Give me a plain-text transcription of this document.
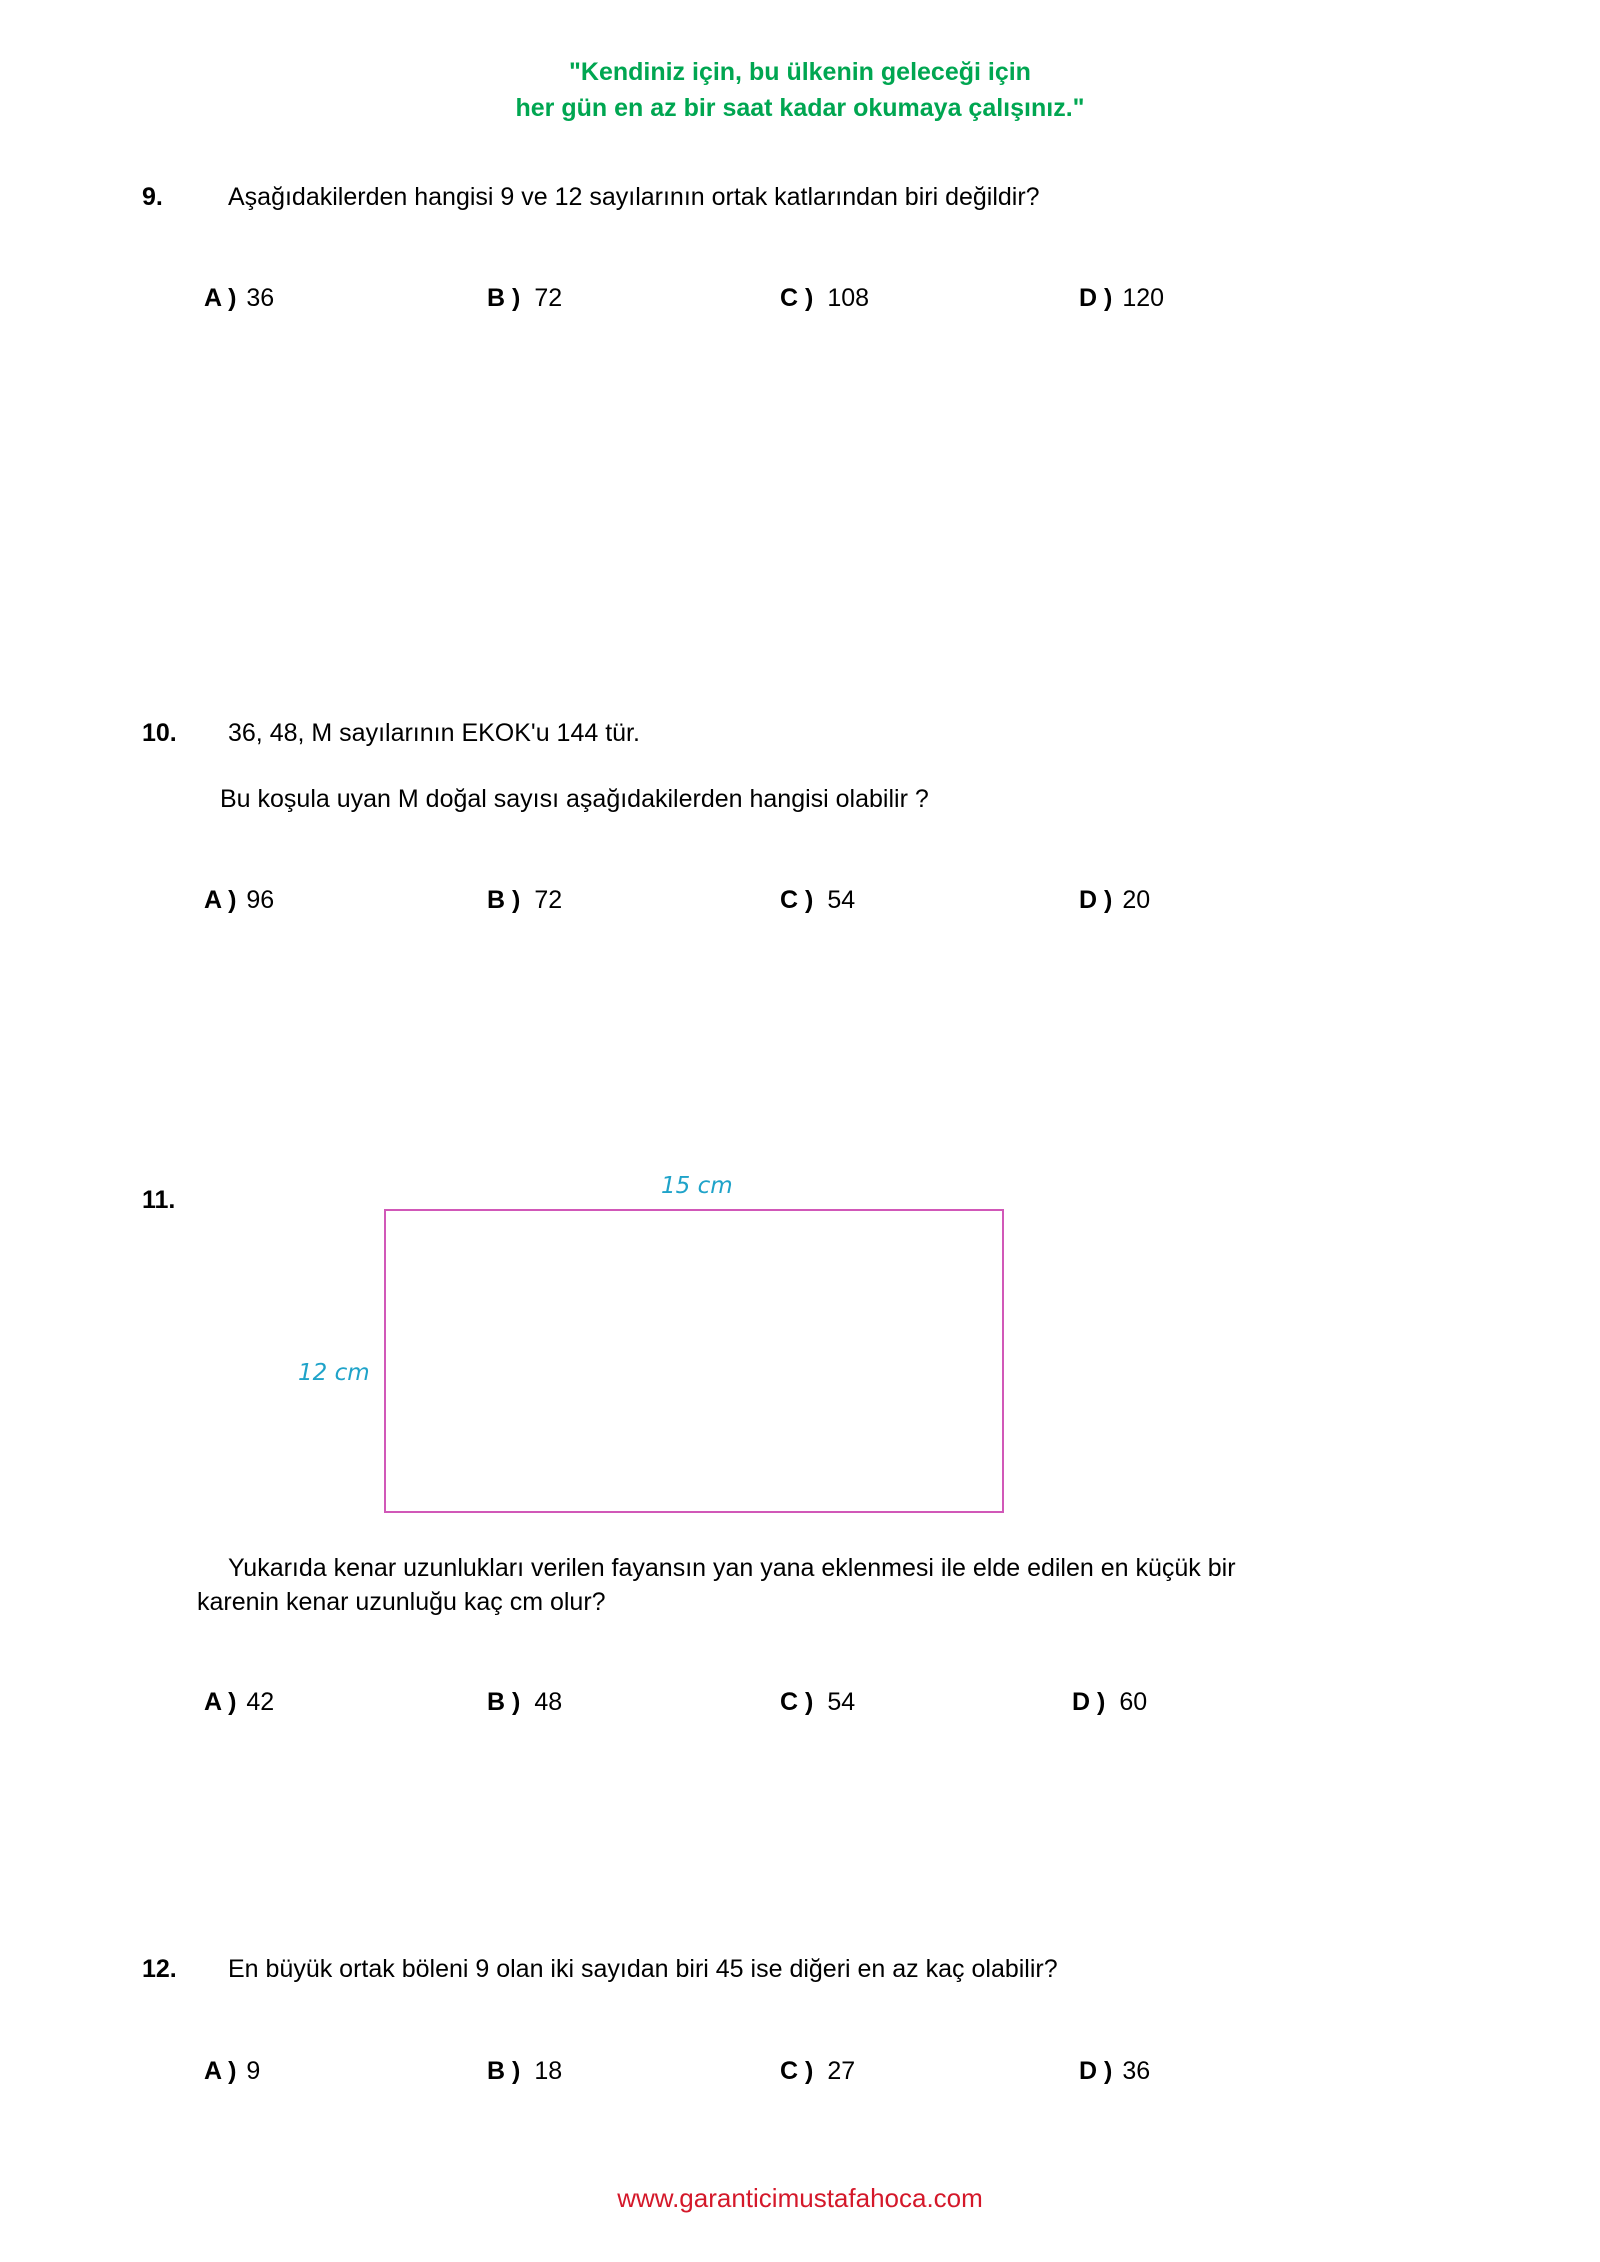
"Kendiniz için, bu ülkenin geleceği için
her gün en az bir saat kadar okumaya çalışınız."
9.	Aşağıdakilerden hangisi 9 ve 12 sayılarının ortak katlarından biri değildir?
A ) 36	B ) 72	C ) 108	D ) 120
10. 36, 48, M sayılarının EKOK'u 144 tür.
Bu koşula uyan M doğal sayısı aşağıdakilerden hangisi olabilir ?
A ) 96	B ) 72	C ) 54	D ) 20
11.	15 cm
12 cm
Yukarıda kenar uzunlukları verilen fayansın yan yana eklenmesi ile elde edilen en küçük bir
karenin kenar uzunluğu kaç cm olur?
A ) 42	B ) 48	C ) 54	D ) 60
12. En büyük ortak böleni 9 olan iki sayıdan biri 45 ise diğeri en az kaç olabilir?
A ) 9	B ) 18	C ) 27	D ) 36
www.garanticimustafahoca.com
